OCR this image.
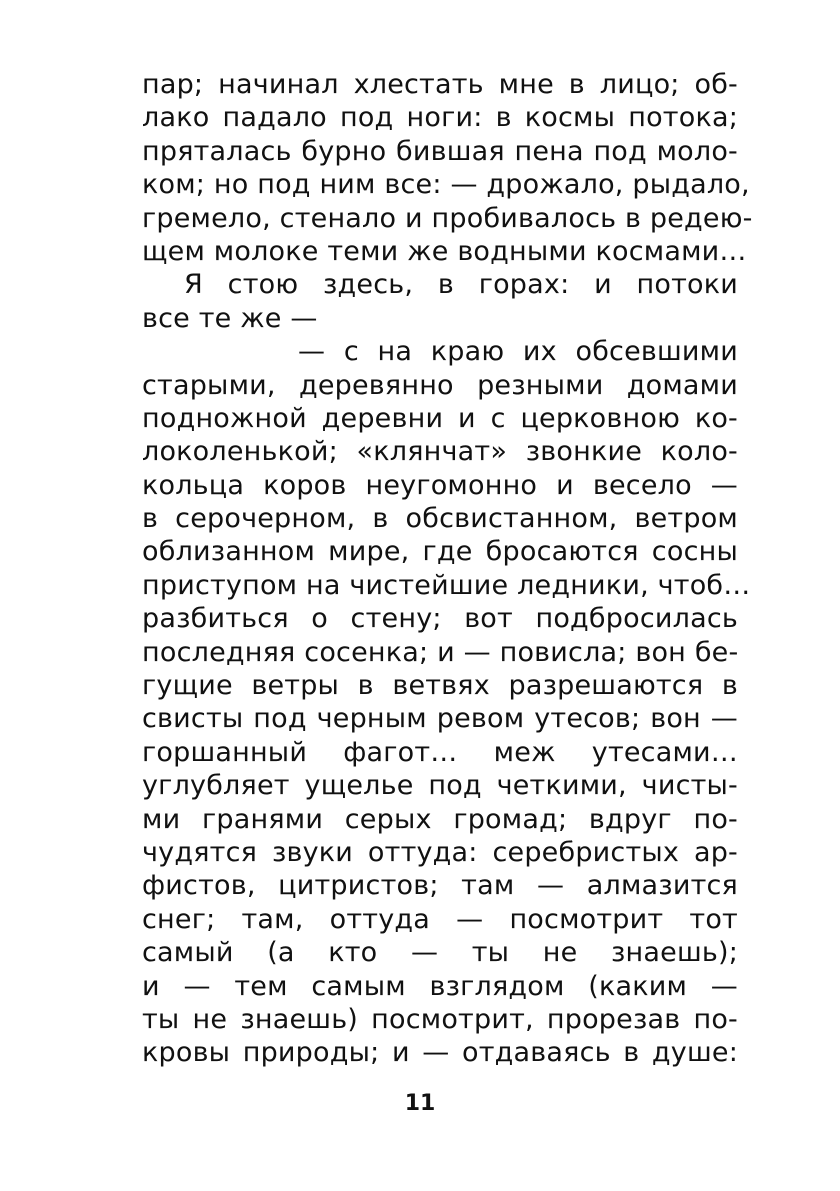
пар; начинал хлестать мне в лицо; об-
лако падало под ноги: в космы потока;
пряталась бурно бившая пена под моло-
ком; но под ним все: — дрожало, рыдало,
гремело, стенало и пробивалось в редею-
щем молоке теми же водными космами…
Я стою здесь, в горах: и потоки
все те же —
— с на краю их обсевшими
старыми, деревянно резными домами
подножной деревни и с церковною ко-
локоленькой; «клянчат» звонкие коло-
кольца коров неугомонно и весело —
в серочерном, в обсвистанном, ветром
облизанном мире, где бросаются сосны
приступом на чистейшие ледники, чтоб…
разбиться о стену; вот подбросилась
последняя сосенка; и — повисла; вон бе-
гущие ветры в ветвях разрешаются в
свисты под черным ревом утесов; вон —
горшанный фагот… меж утесами…
углубляет ущелье под четкими, чисты-
ми гранями серых громад; вдруг по-
чудятся звуки оттуда: серебристых ар-
фистов, цитристов; там — алмазится
снег; там, оттуда — посмотрит тот
самый (а кто — ты не знаешь);
и — тем самым взглядом (каким —
ты не знаешь) посмотрит, прорезав по-
кровы природы; и — отдаваясь в душе:
11
